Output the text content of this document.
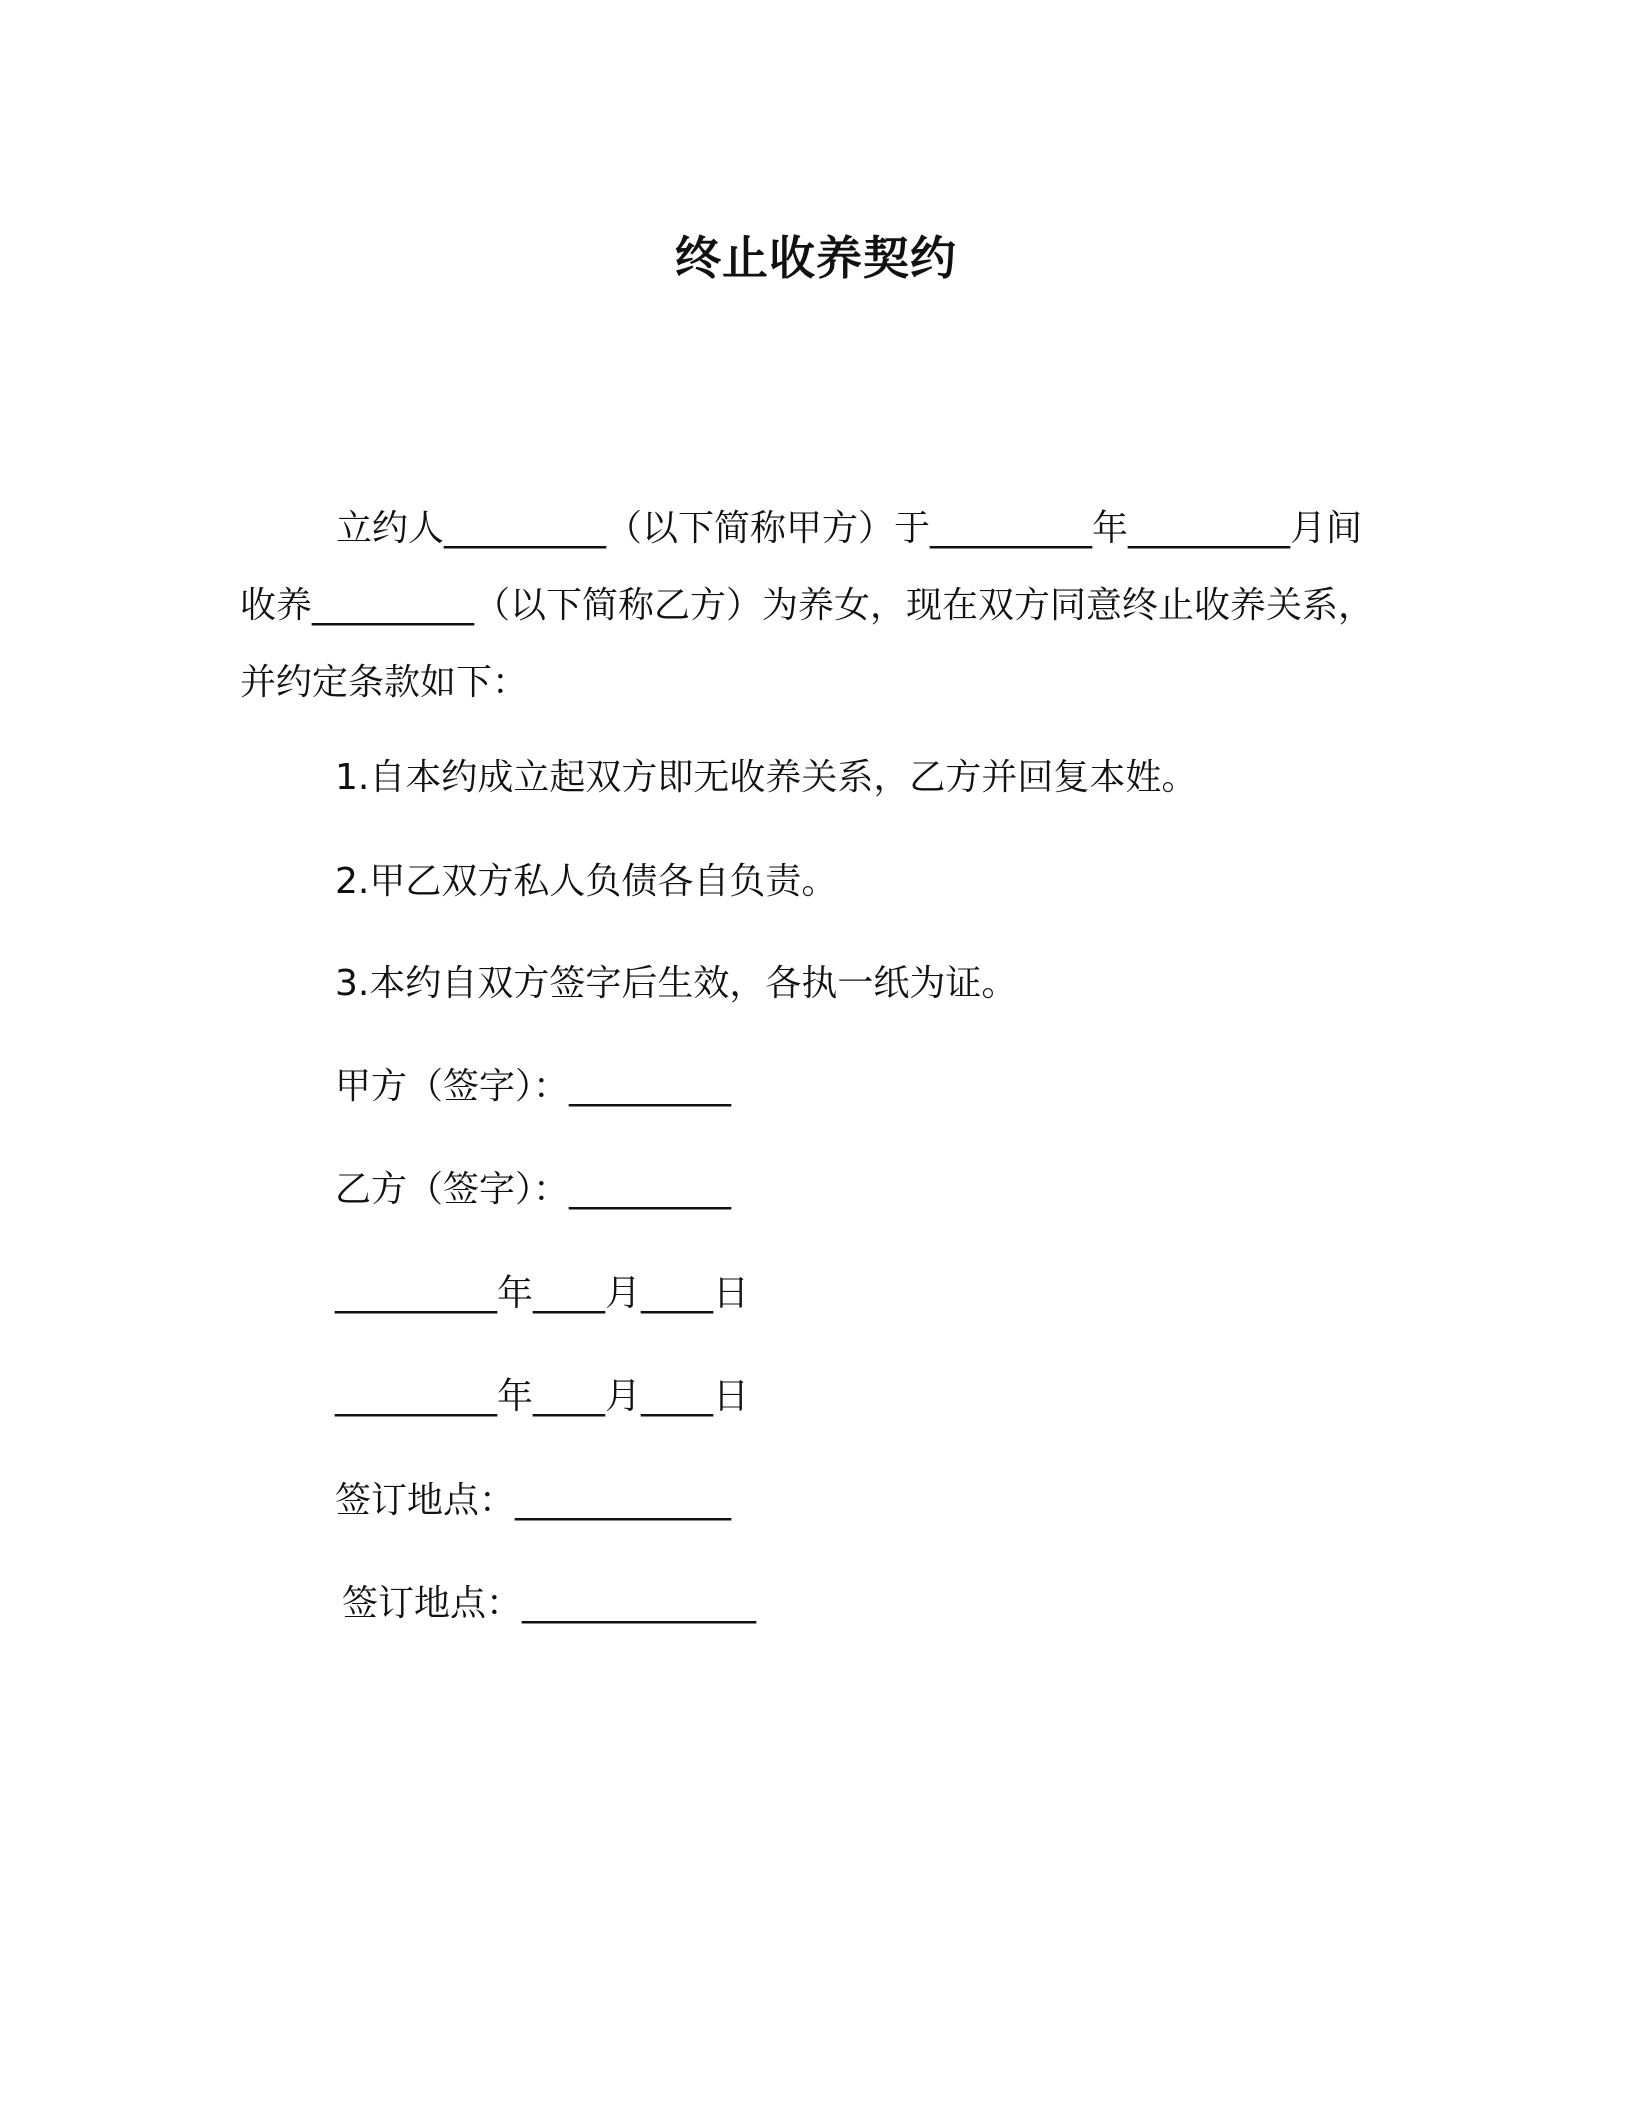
终止收养契约
立约人_________（以下简称甲方）于_________年_________月间收养_________（以下简称乙方）为养女，现在双方同意终止收养关系，并约定条款如下：
1.自本约成立起双方即无收养关系，乙方并回复本姓。
2.甲乙双方私人负债各自负责。
3.本约自双方签字后生效，各执一纸为证。
甲方（签字）：_________
乙方（签字）：_________
_________年____月____日
_________年____月____日
签订地点：____________
签订地点：_____________
